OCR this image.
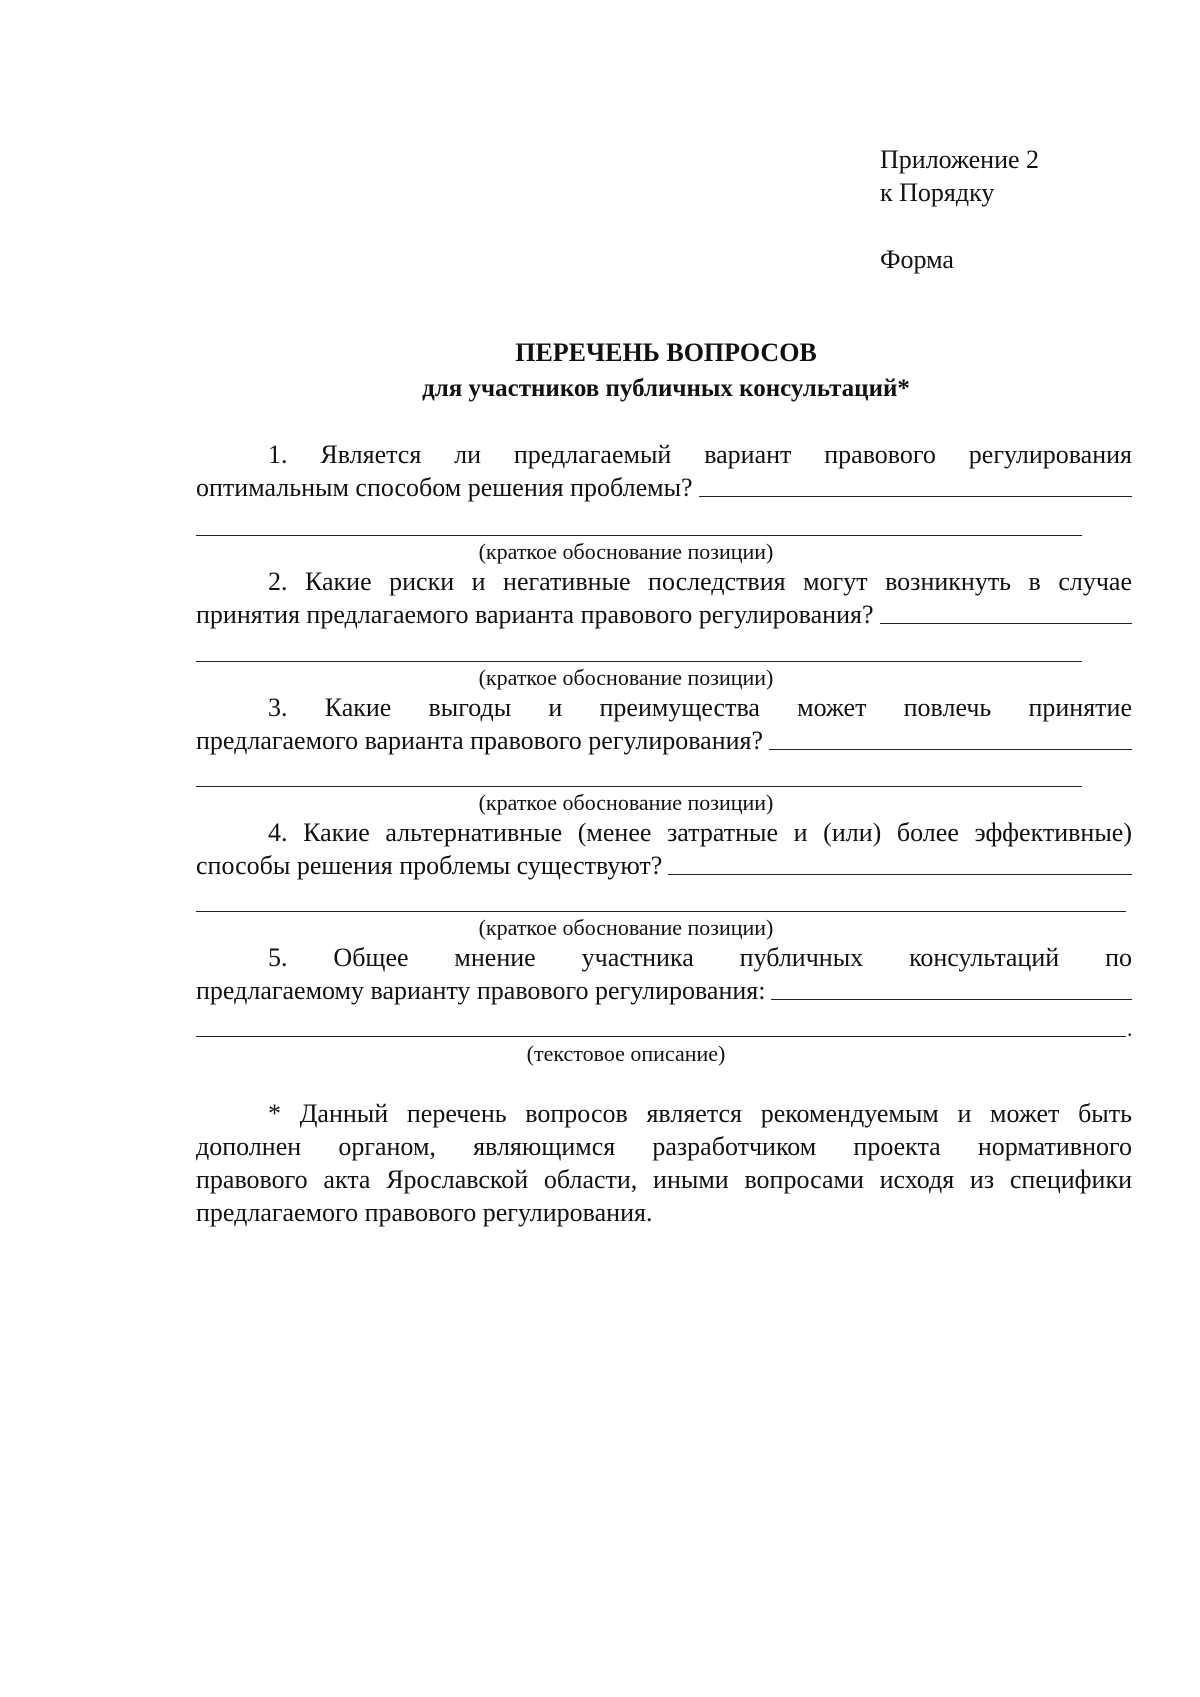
Приложение 2
к Порядку
Форма
ПЕРЕЧЕНЬ ВОПРОСОВ
для участников публичных консультаций*
1. Является ли предлагаемый вариант правового регулирования
оптимальным способом решения проблемы?
(краткое обоснование позиции)
2. Какие риски и негативные последствия могут возникнуть в случае
принятия предлагаемого варианта правового регулирования?
(краткое обоснование позиции)
3. Какие выгоды и преимущества может повлечь принятие
предлагаемого варианта правового регулирования?
(краткое обоснование позиции)
4. Какие альтернативные (менее затратные и (или) более эффективные)
способы решения проблемы существуют?
(краткое обоснование позиции)
5. Общее мнение участника публичных консультаций по
предлагаемому варианту правового регулирования:
.
(текстовое описание)
* Данный перечень вопросов является рекомендуемым и может быть
дополнен органом, являющимся разработчиком проекта нормативного
правового акта Ярославской области, иными вопросами исходя из специфики
предлагаемого правового регулирования.
